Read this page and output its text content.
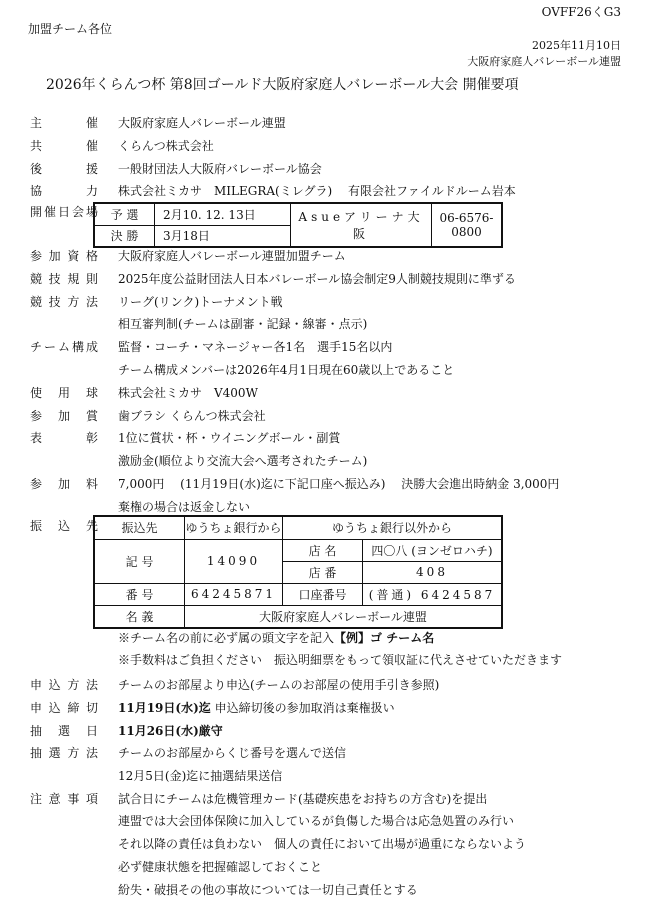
OVFF26くG3
加盟チーム各位
2025年11月10日
大阪府家庭人バレーボール連盟
2026年くらんつ杯 第8回ゴールド大阪府家庭人バレーボール大会 開催要項
主催 大阪府家庭人バレーボール連盟
共催 くらんつ株式会社
後援 一般財団法人大阪府バレーボール協会
協力 株式会社ミカサ　MILEGRA(ミレグラ)　 有限会社ファイルドルーム岩本
開催日会場 予 選	2月10. 12. 13日	Asueアリーナ大阪	06-6576-0800
決 勝	3月18日		
参加資格 大阪府家庭人バレーボール連盟加盟チーム
競技規則 2025年度公益財団法人日本バレーボール協会制定9人制競技規則に準ずる
競技方法 リーグ(リンク)トーナメント戦
相互審判制(チームは副審・記録・線審・点示)
チーム構成 監督・コーチ・マネージャー各1名　選手15名以内
チーム構成メンバーは2026年4月1日現在60歳以上であること
使用球 株式会社ミカサ　V400W
参加賞 歯ブラシ くらんつ株式会社
表彰 1位に賞状・杯・ウイニングボール・副賞
激励金(順位より交流大会へ選考されたチーム)
参加料 7,000円　 (11月19日(水)迄に下記口座へ振込み)　 決勝大会進出時納金 3,000円
棄権の場合は返金しない
振込先 振込先	ゆうちょ銀行から	ゆうちょ銀行以外から	
記 号	14090	店 名	四〇八 (ヨンゼロハチ)
		店 番	408
番 号	64245871	口座番号	(普通) 6424587
名 義	大阪府家庭人バレーボール連盟		
※チーム名の前に必ず属の頭文字を記入【例】ゴ チーム名
※手数料はご負担ください　振込明細票をもって領収証に代えさせていただきます
申込方法 チームのお部屋より申込(チームのお部屋の使用手引き参照)
申込締切 11月19日(水)迄 申込締切後の参加取消は棄権扱い
抽選日 11月26日(水)厳守
抽選方法 チームのお部屋からくじ番号を選んで送信
12月5日(金)迄に抽選結果送信
注意事項 試合日にチームは危機管理カード(基礎疾患をお持ちの方含む)を提出
連盟では大会団体保険に加入しているが負傷した場合は応急処置のみ行い
それ以降の責任は負わない　個人の責任において出場が過重にならないよう
必ず健康状態を把握確認しておくこと
紛失・破損その他の事故については一切自己責任とする
